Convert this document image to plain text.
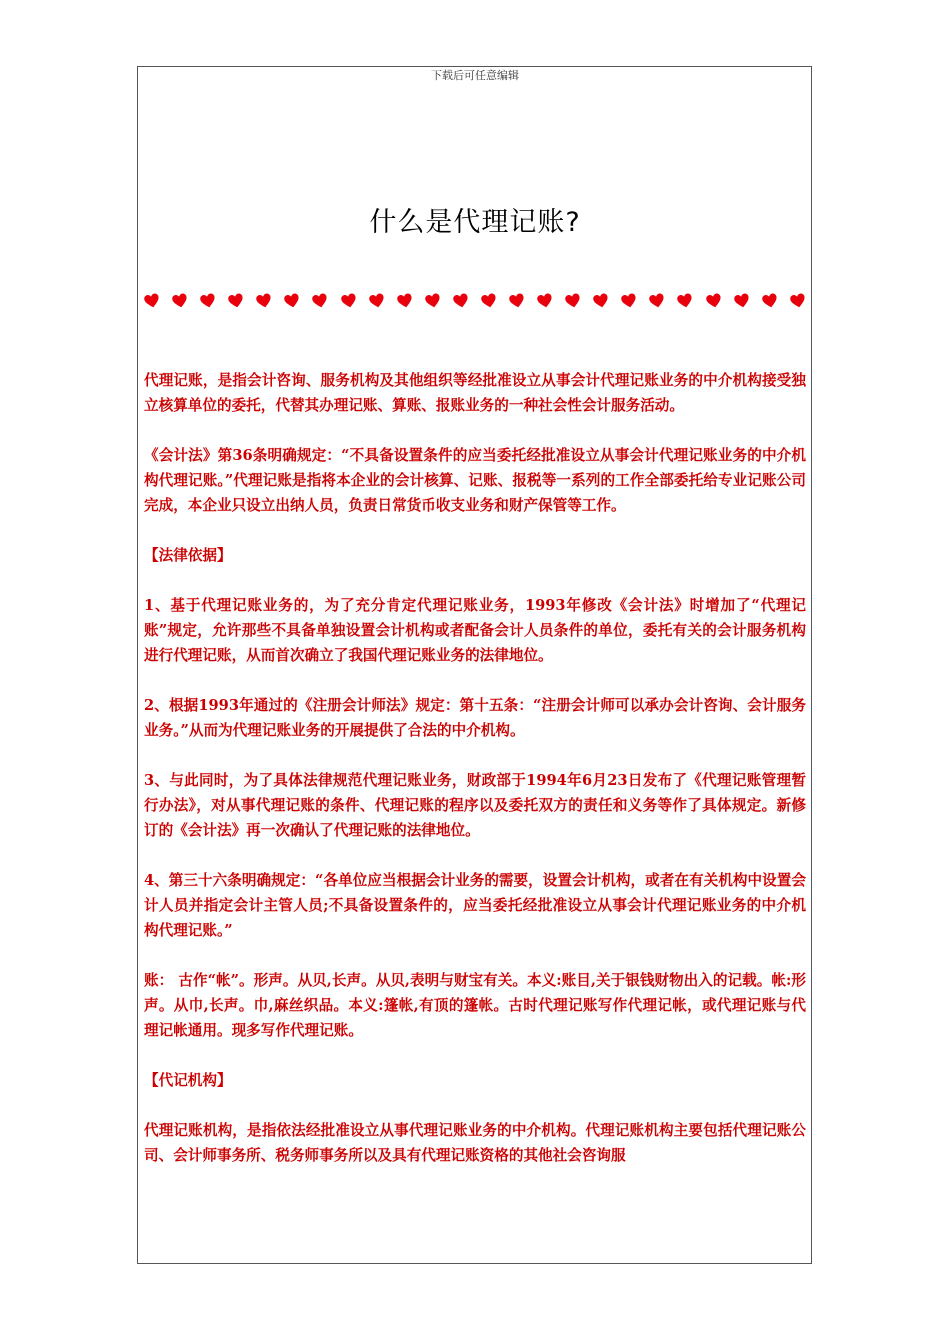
下载后可任意编辑
什么是代理记账?

代理记账，是指会计咨询、服务机构及其他组织等经批准设立从事会计代理记账业务的中介机构接受独立核算单位的委托，代替其办理记账、算账、报账业务的一种社会性会计服务活动。

《会计法》第36条明确规定：“不具备设置条件的应当委托经批准设立从事会计代理记账业务的中介机构代理记账。”代理记账是指将本企业的会计核算、记账、报税等一系列的工作全部委托给专业记账公司完成，本企业只设立出纳人员，负责日常货币收支业务和财产保管等工作。

【法律依据】

1、基于代理记账业务的，为了充分肯定代理记账业务，1993年修改《会计法》时增加了“代理记账”规定，允许那些不具备单独设置会计机构或者配备会计人员条件的单位，委托有关的会计服务机构进行代理记账，从而首次确立了我国代理记账业务的法律地位。

2、根据1993年通过的《注册会计师法》规定：第十五条：“注册会计师可以承办会计咨询、会计服务业务。”从而为代理记账业务的开展提供了合法的中介机构。

3、与此同时，为了具体法律规范代理记账业务，财政部于1994年6月23日发布了《代理记账管理暂行办法》，对从事代理记账的条件、代理记账的程序以及委托双方的责任和义务等作了具体规定。新修订的《会计法》再一次确认了代理记账的法律地位。

4、第三十六条明确规定：“各单位应当根据会计业务的需要，设置会计机构，或者在有关机构中设置会计人员并指定会计主管人员;不具备设置条件的，应当委托经批准设立从事会计代理记账业务的中介机构代理记账。”

账： 古作“帐”。形声。从贝,长声。从贝,表明与财宝有关。本义:账目,关于银钱财物出入的记载。帐:形声。从巾,长声。巾,麻丝织品。本义:篷帐,有顶的篷帐。古时代理记账写作代理记帐，或代理记账与代理记帐通用。现多写作代理记账。

【代记机构】

代理记账机构，是指依法经批准设立从事代理记账业务的中介机构。代理记账机构主要包括代理记账公司、会计师事务所、税务师事务所以及具有代理记账资格的其他社会咨询服
